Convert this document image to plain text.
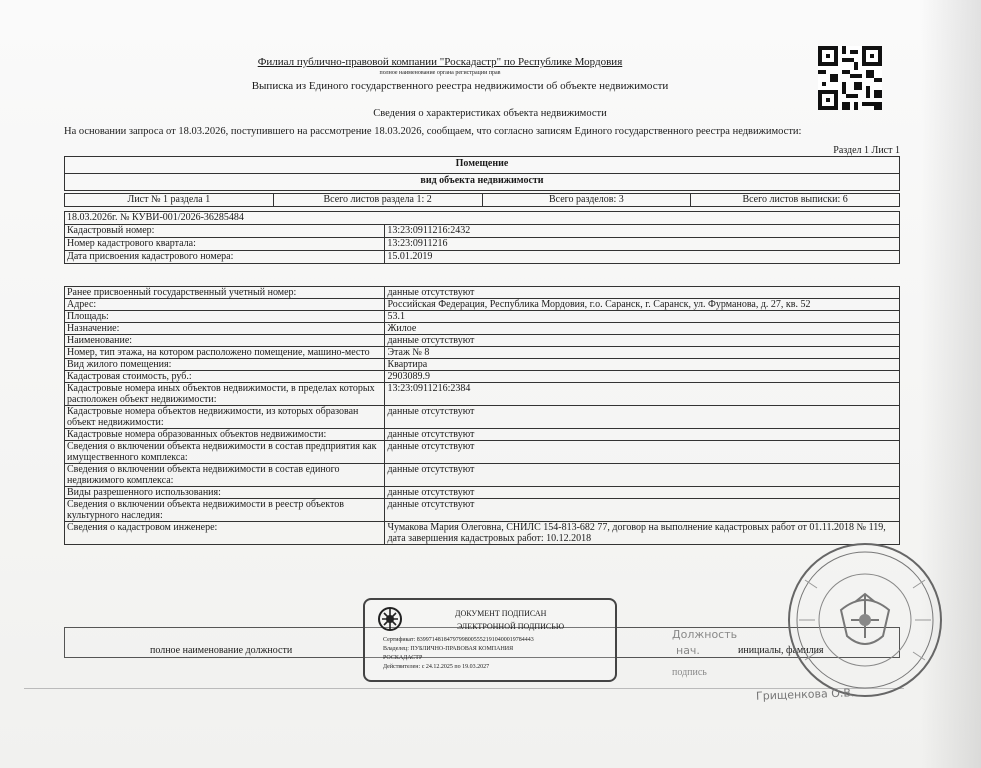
Филиал публично-правовой компании "Роскадастр" по Республике Мордовия
полное наименование органа регистрации прав
Выписка из Единого государственного реестра недвижимости об объекте недвижимости
Сведения о характеристиках объекта недвижимости
На основании запроса от 18.03.2026, поступившего на рассмотрение 18.03.2026, сообщаем, что согласно записям Единого государственного реестра недвижимости:
Раздел 1 Лист 1
Помещение
вид объекта недвижимости
Лист № 1 раздела 1	Всего листов раздела 1: 2	Всего разделов: 3	Всего листов выписки: 6
18.03.2026г. № КУВИ-001/2026-36285484	
Кадастровый номер:	13:23:0911216:2432
Номер кадастрового квартала:	13:23:0911216
Дата присвоения кадастрового номера:	15.01.2019
Ранее присвоенный государственный учетный номер:	данные отсутствуют
Адрес:	Российская Федерация, Республика Мордовия, г.о. Саранск, г. Саранск, ул. Фурманова, д. 27, кв. 52
Площадь:	53.1
Назначение:	Жилое
Наименование:	данные отсутствуют
Номер, тип этажа, на котором расположено помещение, машино-место	Этаж № 8
Вид жилого помещения:	Квартира
Кадастровая стоимость, руб.:	2903089.9
Кадастровые номера иных объектов недвижимости, в пределах которых расположен объект недвижимости:	13:23:0911216:2384
Кадастровые номера объектов недвижимости, из которых образован объект недвижимости:	данные отсутствуют
Кадастровые номера образованных объектов недвижимости:	данные отсутствуют
Сведения о включении объекта недвижимости в состав предприятия как имущественного комплекса:	данные отсутствуют
Сведения о включении объекта недвижимости в состав единого недвижимого комплекса:	данные отсутствуют
Виды разрешенного использования:	данные отсутствуют
Сведения о включении объекта недвижимости в реестр объектов культурного наследия:	данные отсутствуют
Сведения о кадастровом инженере:	Чумакова Мария Олеговна, СНИЛС 154-813-682 77, договор на выполнение кадастровых работ от 01.11.2018 № 119, дата завершения кадастровых работ: 10.12.2018
полное наименование должности
Должность
нач.	инициалы, фамилия
подпись
ДОКУМЕНТ ПОДПИСАН
ЭЛЕКТРОННОЙ ПОДПИСЬЮ
Сертификат: 839971481847979980055521910400019784443
Владелец: ПУБЛИЧНО-ПРАВОВАЯ КОМПАНИЯ
РОСКАДАСТР
Действителен: с 24.12.2025 по 19.03.2027
Грищенкова О.В.
